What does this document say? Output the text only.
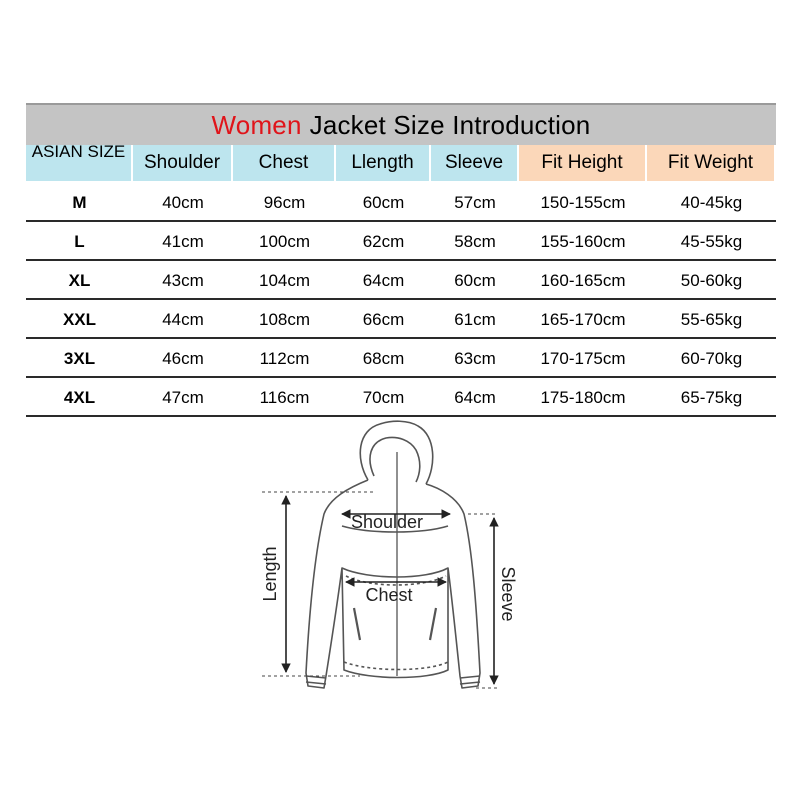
Women Jacket Size Introduction
ASIAN SIZE	Shoulder	Chest	Llength	Sleeve	Fit Height	Fit Weight
M	40cm	96cm	60cm	57cm	150-155cm	40-45kg
L	41cm	100cm	62cm	58cm	155-160cm	45-55kg
XL	43cm	104cm	64cm	60cm	160-165cm	50-60kg
XXL	44cm	108cm	66cm	61cm	165-170cm	55-65kg
3XL	46cm	112cm	68cm	63cm	170-175cm	60-70kg
4XL	47cm	116cm	70cm	64cm	175-180cm	65-75kg
Shoulder
Chest
Length	Sleeve
